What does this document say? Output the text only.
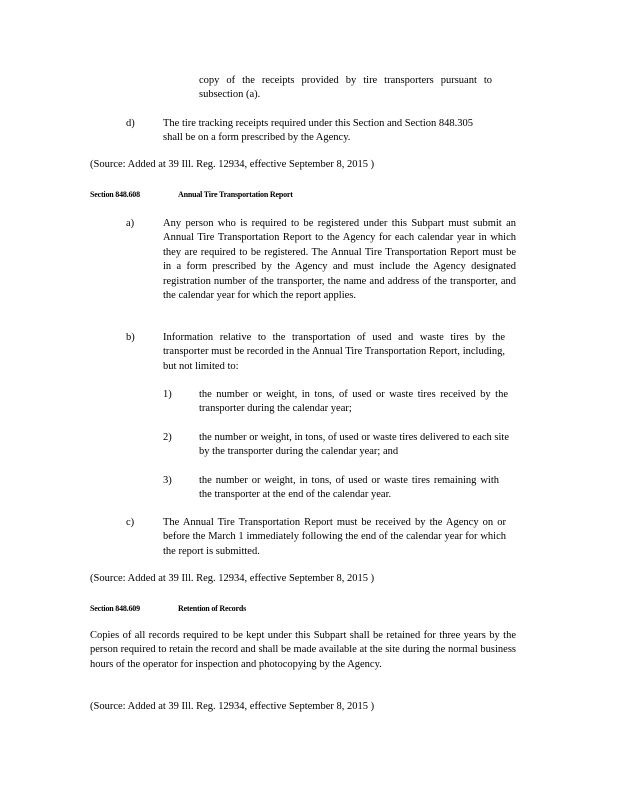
copy of the receipts provided by tire transporters pursuant to subsection (a).
d)	The tire tracking receipts required under this Section and Section 848.305 shall be on a form prescribed by the Agency.
(Source: Added at 39 Ill. Reg. 12934, effective September 8, 2015 )
Section 848.608	Annual Tire Transportation Report
a)	Any person who is required to be registered under this Subpart must submit an Annual Tire Transportation Report to the Agency for each calendar year in which they are required to be registered. The Annual Tire Transportation Report must be in a form prescribed by the Agency and must include the Agency designated registration number of the transporter, the name and address of the transporter, and the calendar year for which the report applies.
b)	Information relative to the transportation of used and waste tires by the transporter must be recorded in the Annual Tire Transportation Report, including, but not limited to:
1)	the number or weight, in tons, of used or waste tires received by the transporter during the calendar year;
2)	the number or weight, in tons, of used or waste tires delivered to each site by the transporter during the calendar year; and
3)	the number or weight, in tons, of used or waste tires remaining with the transporter at the end of the calendar year.
c)	The Annual Tire Transportation Report must be received by the Agency on or before the March 1 immediately following the end of the calendar year for which the report is submitted.
(Source: Added at 39 Ill. Reg. 12934, effective September 8, 2015 )
Section 848.609	Retention of Records
Copies of all records required to be kept under this Subpart shall be retained for three years by the person required to retain the record and shall be made available at the site during the normal business hours of the operator for inspection and photocopying by the Agency.
(Source: Added at 39 Ill. Reg. 12934, effective September 8, 2015 )
